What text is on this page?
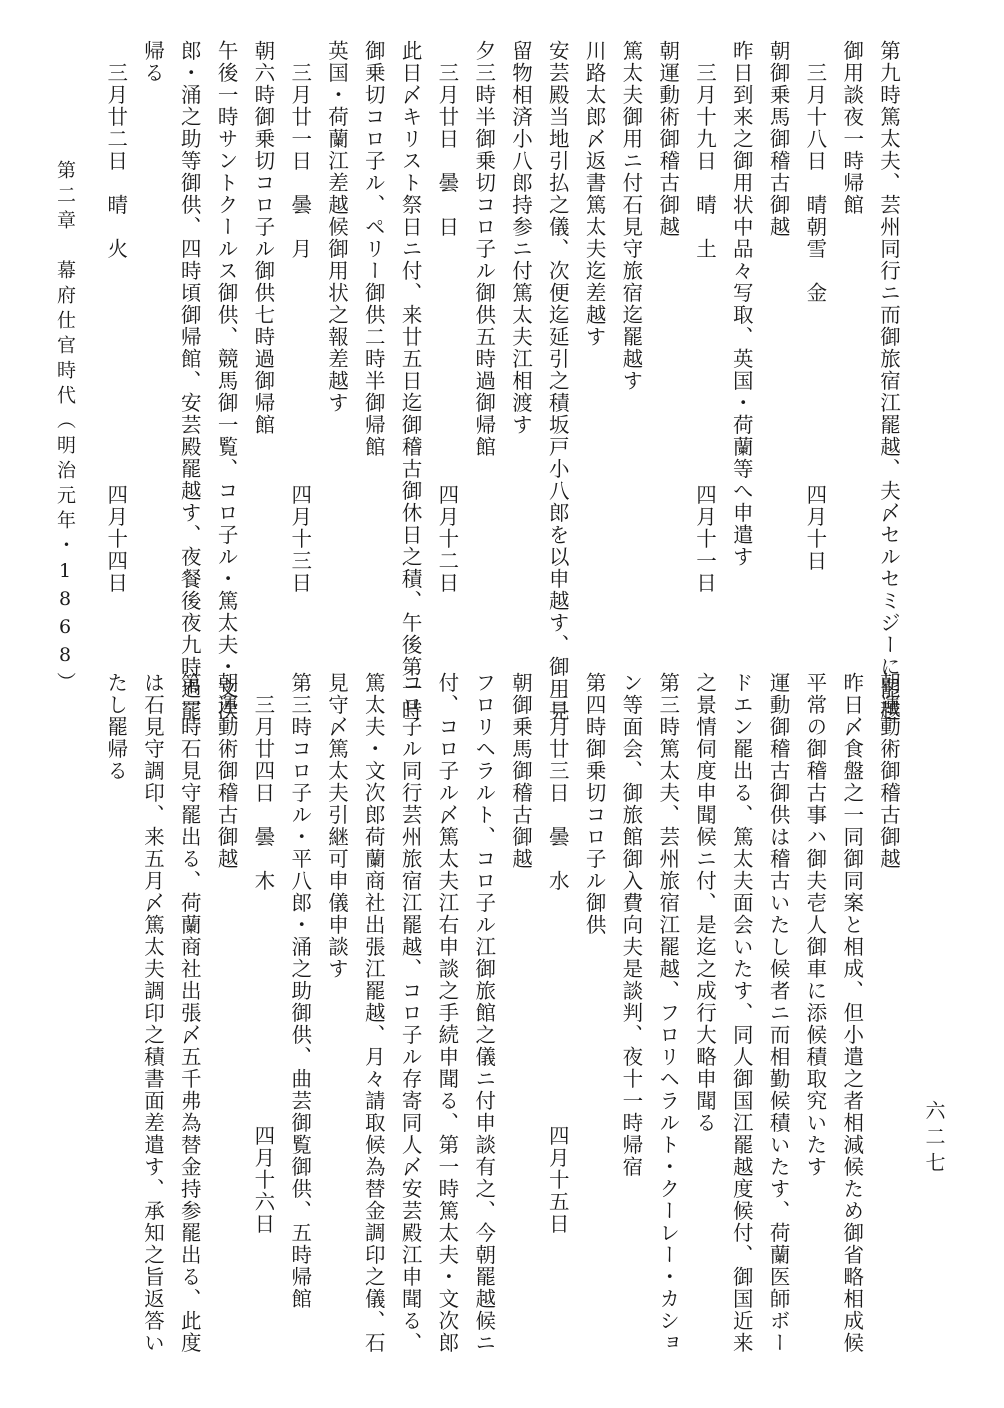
六二七
第二章　幕府仕官時代（明治元年・1868）	第九時篤太夫、芸州同行ニ而御旅宿江罷越、夫〆セルセミジーに罷越
御用談夜一時帰館
　三月十八日　晴朝雪　金
四月十日
朝御乗馬御稽古御越
昨日到来之御用状中品々写取、英国・荷蘭等へ申遣す
　三月十九日　晴　土
四月十一日
朝運動術御稽古御越
篤太夫御用ニ付石見守旅宿迄罷越す
川路太郎〆返書篤太夫迄差越す
安芸殿当地引払之儀、次便迄延引之積坂戸小八郎を以申越す、御用見
留物相済小八郎持参ニ付篤太夫江相渡す
夕三時半御乗切コロ子ル御供五時過御帰館
　三月廿日　曇　日
四月十二日
此日〆キリスト祭日ニ付、来廿五日迄御稽古御休日之積、午後第一時
御乗切コロ子ル、ペリー御供二時半御帰館
英国・荷蘭江差越候御用状之報差越す
　三月廿一日　曇　月
四月十三日
朝六時御乗切コロ子ル御供七時過御帰館
午後一時サントクールス御供、競馬御一覧、コロ子ル・篤太夫・文次
郎・涌之助等御供、四時頃御帰館、安芸殿罷越す、夜餐後夜九時過罷
帰る
　三月廿二日　晴　火
四月十四日
朝運動術御稽古御越
昨日〆食盤之一同御同案と相成、但小遣之者相減候ため御省略相成候
平常の御稽古事ハ御夫壱人御車に添候積取究いたす
運動御稽古御供は稽古いたし候者ニ而相勤候積いたす、荷蘭医師ボー
ドエン罷出る、篤太夫面会いたす、同人御国江罷越度候付、御国近来
之景情伺度申聞候ニ付、是迄之成行大略申聞る
第三時篤太夫、芸州旅宿江罷越、フロリヘラルト・クーレー・カショ
ン等面会、御旅館御入費向夫是談判、夜十一時帰宿
第四時御乗切コロ子ル御供
　三月廿三日　曇　水
四月十五日
朝御乗馬御稽古御越
フロリヘラルト、コロ子ル江御旅館之儀ニ付申談有之、今朝罷越候ニ
付、コロ子ル〆篤太夫江右申談之手続申聞る、第一時篤太夫・文次郎
コロ子ル同行芸州旅宿江罷越、コロ子ル存寄同人〆安芸殿江申聞る、
篤太夫・文次郎荷蘭商社出張江罷越、月々請取候為替金調印之儀、石
見守〆篤太夫引継可申儀申談す
第三時コロ子ル・平八郎・涌之助御供、曲芸御覧御供、五時帰館
　三月廿四日　曇　木
四月十六日
朝運動術御稽古御越
第一時石見守罷出る、荷蘭商社出張〆五千弗為替金持参罷出る、此度
は石見守調印、来五月〆篤太夫調印之積書面差遣す、承知之旨返答い
たし罷帰る
